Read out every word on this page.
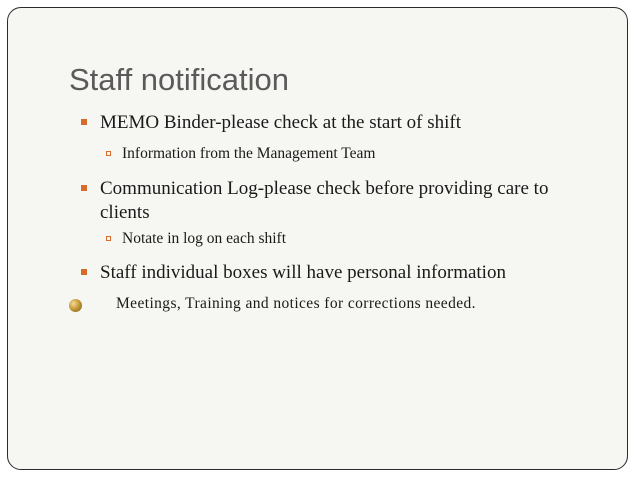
Staff notification
MEMO Binder-please check at the start of shift
Information from the Management Team
Communication Log-please check before providing care to
clients
Notate in log on each shift
Staff individual boxes will have personal information
Meetings, Training and notices for corrections needed.
